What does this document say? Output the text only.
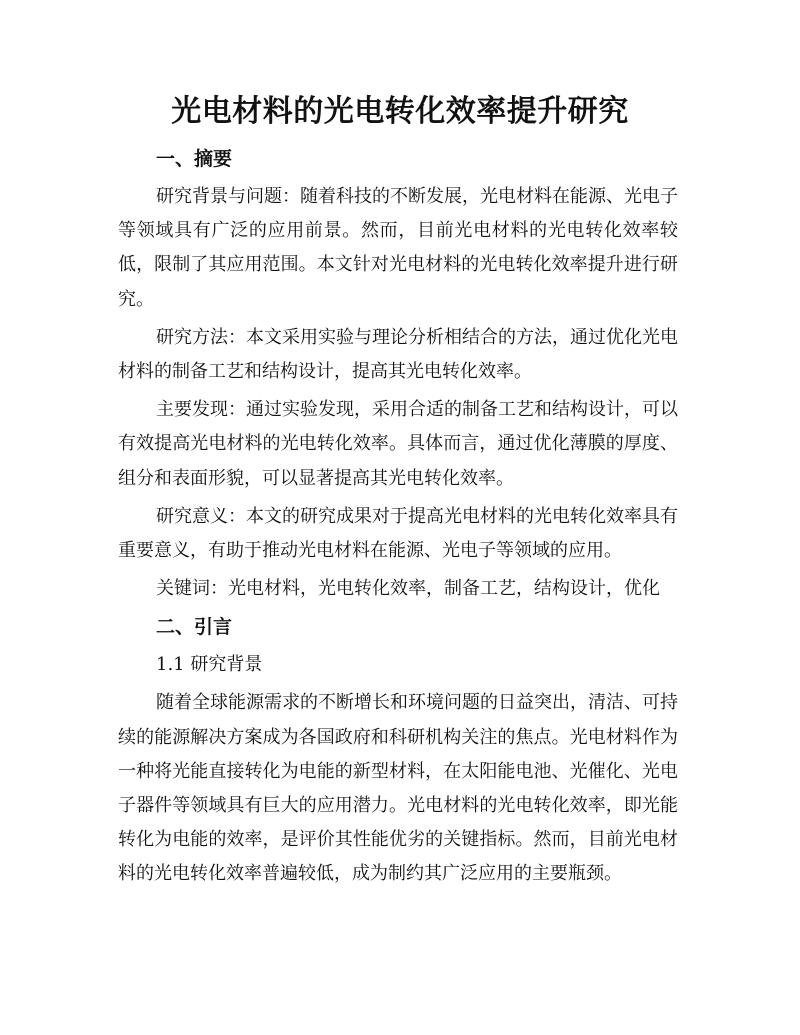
光电材料的光电转化效率提升研究

一、摘要

研究背景与问题：随着科技的不断发展，光电材料在能源、光电子等领域具有广泛的应用前景。然而，目前光电材料的光电转化效率较低，限制了其应用范围。本文针对光电材料的光电转化效率提升进行研究。

研究方法：本文采用实验与理论分析相结合的方法，通过优化光电材料的制备工艺和结构设计，提高其光电转化效率。

主要发现：通过实验发现，采用合适的制备工艺和结构设计，可以有效提高光电材料的光电转化效率。具体而言，通过优化薄膜的厚度、组分和表面形貌，可以显著提高其光电转化效率。

研究意义：本文的研究成果对于提高光电材料的光电转化效率具有重要意义，有助于推动光电材料在能源、光电子等领域的应用。

关键词：光电材料，光电转化效率，制备工艺，结构设计，优化

二、引言

1.1 研究背景

随着全球能源需求的不断增长和环境问题的日益突出，清洁、可持续的能源解决方案成为各国政府和科研机构关注的焦点。光电材料作为一种将光能直接转化为电能的新型材料，在太阳能电池、光催化、光电子器件等领域具有巨大的应用潜力。光电材料的光电转化效率，即光能转化为电能的效率，是评价其性能优劣的关键指标。然而，目前光电材料的光电转化效率普遍较低，成为制约其广泛应用的主要瓶颈。
